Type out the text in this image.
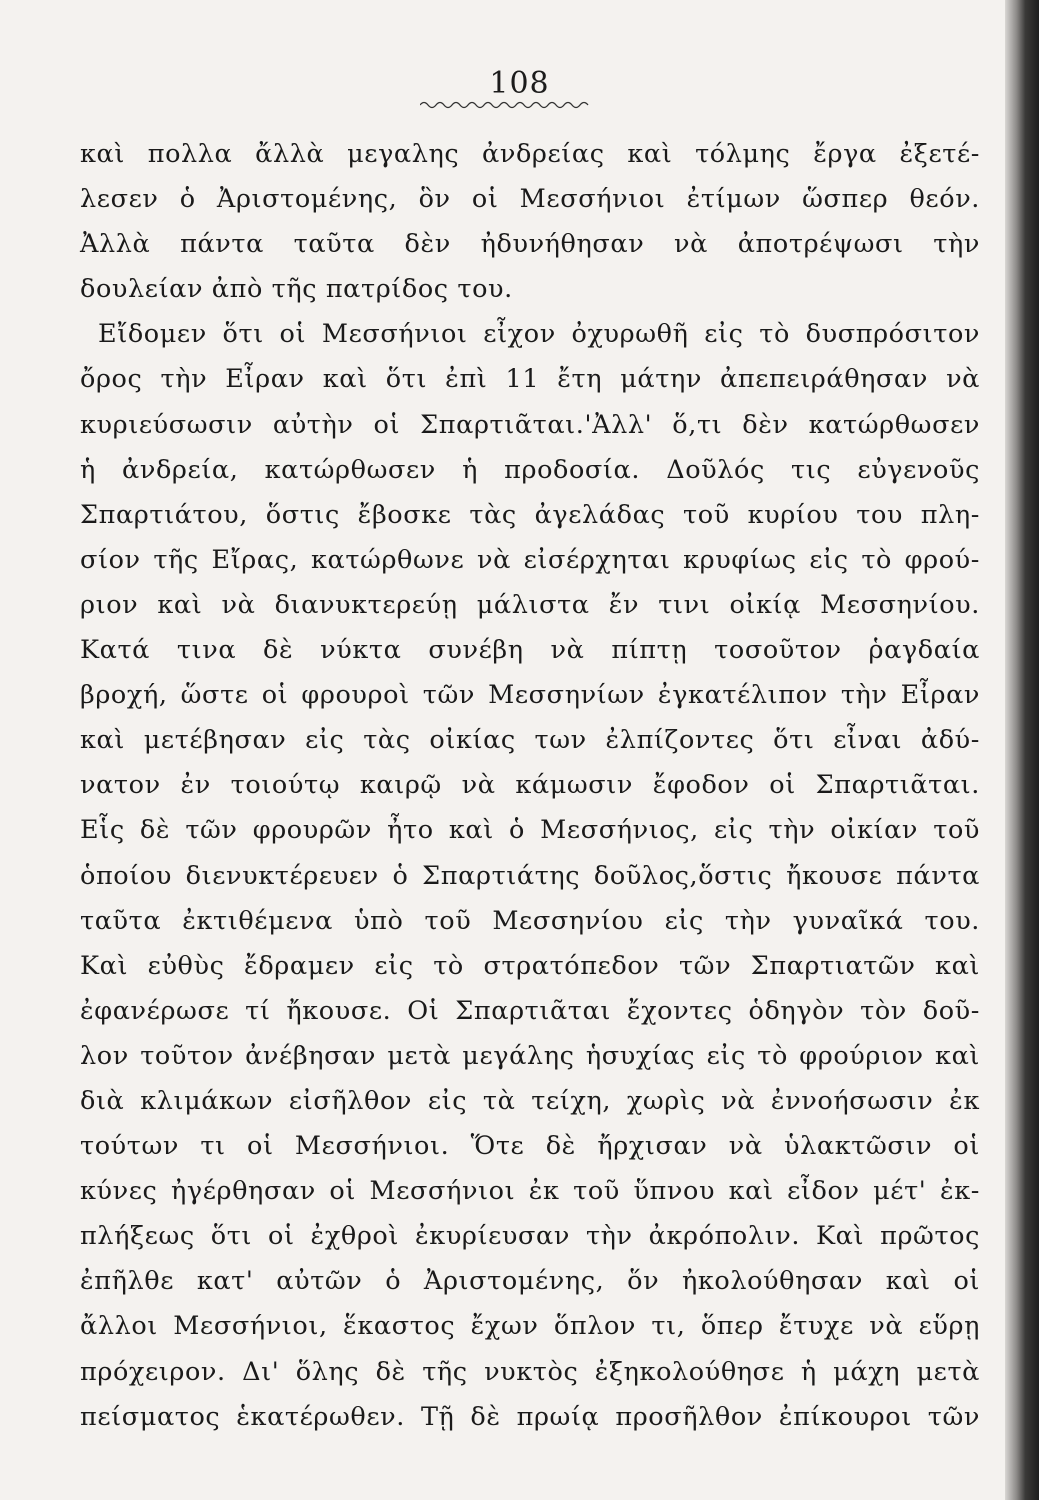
108
καὶ πολλα ἄλλὰ μεγαλης ἀνδρείας καὶ τόλμης ἔργα ἐξετέ-
λεσεν ὁ Ἀριστομένης, ὃν οἱ Μεσσήνιοι ἐτίμων ὥσπερ θεόν.
Ἀλλὰ πάντα ταῦτα δὲν ἠδυνήθησαν νὰ ἀποτρέψωσι τὴν
δουλείαν ἀπὸ τῆς πατρίδος του.
Εἴδομεν ὅτι οἱ Μεσσήνιοι εἶχον ὀχυρωθῆ εἰς τὸ δυσπρόσιτον
ὄρος τὴν Εἶραν καὶ ὅτι ἐπὶ 11 ἔτη μάτην ἀπεπειράθησαν νὰ
κυριεύσωσιν αὐτὴν οἱ Σπαρτιᾶται.'Ἀλλ' ὅ,τι δὲν κατώρθωσεν
ἡ ἀνδρεία, κατώρθωσεν ἡ προδοσία. Δοῦλός τις εὐγενοῦς
Σπαρτιάτου, ὅστις ἔβοσκε τὰς ἀγελάδας τοῦ κυρίου του πλη-
σίον τῆς Εἴρας, κατώρθωνε νὰ εἰσέρχηται κρυφίως εἰς τὸ φρού-
ριον καὶ νὰ διανυκτερεύῃ μάλιστα ἔν τινι οἰκίᾳ Μεσσηνίου.
Κατά τινα δὲ νύκτα συνέβη νὰ πίπτῃ τοσοῦτον ῥαγδαία
βροχή, ὥστε οἱ φρουροὶ τῶν Μεσσηνίων ἐγκατέλιπον τὴν Εἶραν
καὶ μετέβησαν εἰς τὰς οἰκίας των ἐλπίζοντες ὅτι εἶναι ἀδύ-
νατον ἐν τοιούτῳ καιρῷ νὰ κάμωσιν ἔφοδον οἱ Σπαρτιᾶται.
Εἷς δὲ τῶν φρουρῶν ἦτο καὶ ὁ Μεσσήνιος, εἰς τὴν οἰκίαν τοῦ
ὁποίου διενυκτέρευεν ὁ Σπαρτιάτης δοῦλος,ὅστις ἤκουσε πάντα
ταῦτα ἐκτιθέμενα ὑπὸ τοῦ Μεσσηνίου εἰς τὴν γυναῖκά του.
Καὶ εὐθὺς ἔδραμεν εἰς τὸ στρατόπεδον τῶν Σπαρτιατῶν καὶ
ἐφανέρωσε τί ἤκουσε. Οἱ Σπαρτιᾶται ἔχοντες ὁδηγὸν τὸν δοῦ-
λον τοῦτον ἀνέβησαν μετὰ μεγάλης ἡσυχίας εἰς τὸ φρούριον καὶ
διὰ κλιμάκων εἰσῆλθον εἰς τὰ τείχη, χωρὶς νὰ ἐννοήσωσιν ἐκ
τούτων τι οἱ Μεσσήνιοι. Ὅτε δὲ ἤρχισαν νὰ ὑλακτῶσιν οἱ
κύνες ἠγέρθησαν οἱ Μεσσήνιοι ἐκ τοῦ ὕπνου καὶ εἶδον μέτ' ἐκ-
πλήξεως ὅτι οἱ ἐχθροὶ ἐκυρίευσαν τὴν ἀκρόπολιν. Καὶ πρῶτος
ἐπῆλθε κατ' αὐτῶν ὁ Ἀριστομένης, ὅν ἠκολούθησαν καὶ οἱ
ἄλλοι Μεσσήνιοι, ἕκαστος ἔχων ὅπλον τι, ὅπερ ἔτυχε νὰ εὕρῃ
πρόχειρον. Δι' ὅλης δὲ τῆς νυκτὸς ἐξηκολούθησε ἡ μάχη μετὰ
πείσματος ἑκατέρωθεν. Τῇ δὲ πρωίᾳ προσῆλθον ἐπίκουροι τῶν
